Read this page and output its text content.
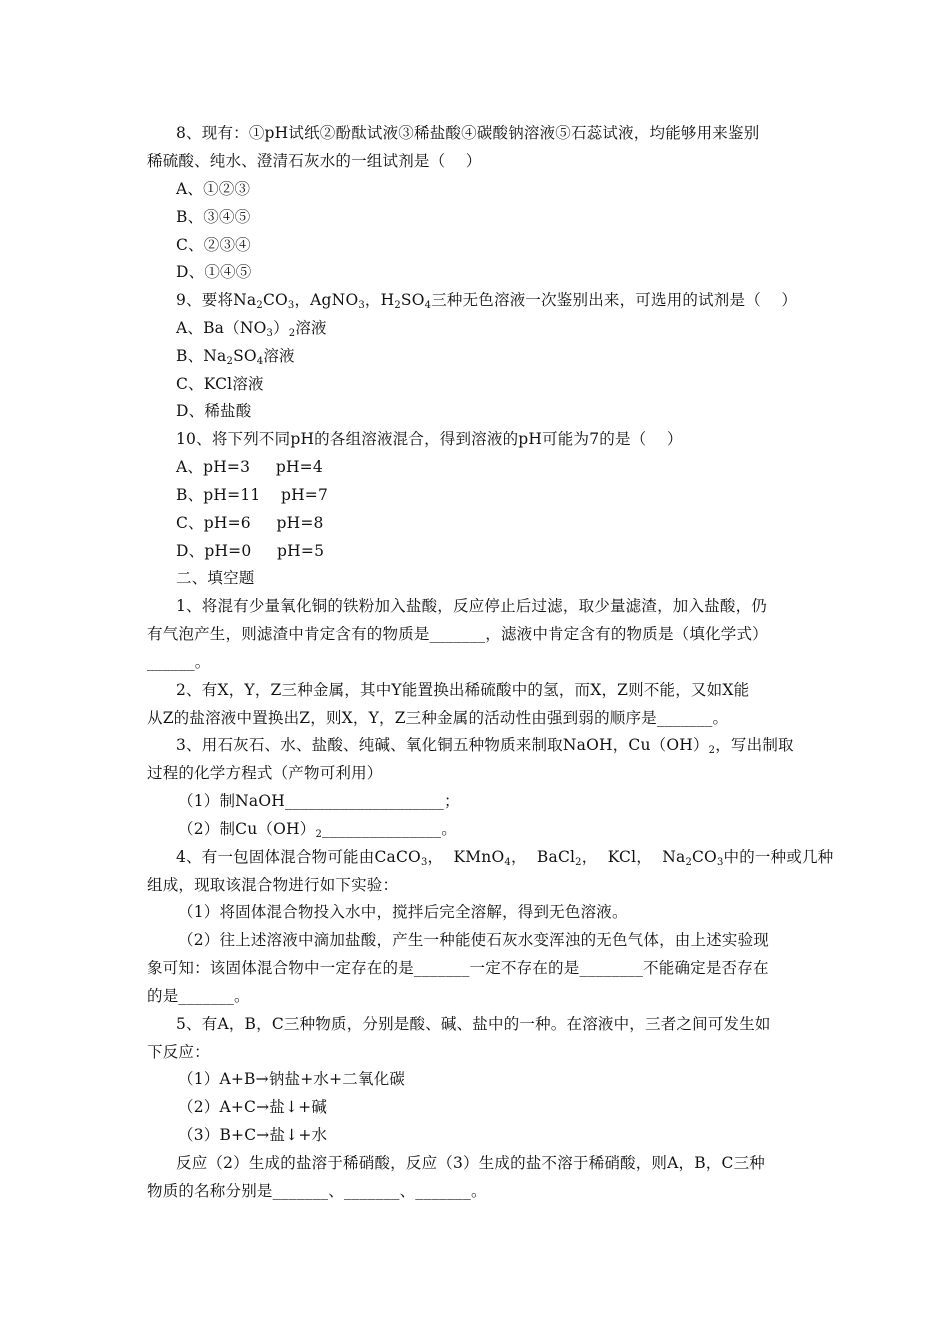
8、现有：①pH试纸②酚酞试液③稀盐酸④碳酸钠溶液⑤石蕊试液，均能够用来鉴别
稀硫酸、纯水、澄清石灰水的一组试剂是（    ）
A、①②③
B、③④⑤
C、②③④
D、①④⑤
9、要将$Na_2CO_3$，AgNO$_3$，$H_2SO_4$三种无色溶液一次鉴别出来，可选用的试剂是（    ）
A、$Ba(NO_3)_2$溶液
B、$Na_2SO_4$溶液
C、KCl溶液
D、稀盐酸
10、将下列不同pH的各组溶液混合，得到溶液的pH可能为7的是（    ）
A、pH=3     pH=4
B、pH=11    pH=7
C、pH=6     pH=8
D、pH=0     pH=5
二、填空题
1、将混有少量氧化铜的铁粉加入盐酸，反应停止后过滤，取少量滤渣，加入盐酸，仍
有气泡产生，则滤渣中肯定含有的物质是_______，滤液中肯定含有的物质是（填化学式）
______。
2、有X，Y，Z三种金属，其中Y能置换出稀硫酸中的氢，而X，Z则不能，又如X能
从Z的盐溶液中置换出Z，则X，Y，Z三种金属的活动性由强到弱的顺序是_______。
3、用石灰石、水、盐酸、纯碱、氧化铜五种物质来制取NaOH，$Cu(OH)_2$，写出制取
过程的化学方程式（产物可利用）
（1）制NaOH____________________；
（2）制$Cu(OH)_2\_\_\_\_\_\_\_\_\_\_\_\_\_\_\_$。
4、有一包固体混合物可能由CaCO$_3$，  KMnO$_4$，  BaCl$_2$，  KCl，  $Na_2CO_3$中的一种或几种
组成，现取该混合物进行如下实验：
（1）将固体混合物投入水中，搅拌后完全溶解，得到无色溶液。
（2）往上述溶液中滴加盐酸，产生一种能使石灰水变浑浊的无色气体，由上述实验现
象可知：该固体混合物中一定存在的是_______一定不存在的是________不能确定是否存在
的是_______。
5、有A，B，C三种物质，分别是酸、碱、盐中的一种。在溶液中，三者之间可发生如
下反应：
（1）A+B→钠盐+水+二氧化碳
（2）A+C→盐↓+碱
（3）B+C→盐↓+水
反应（2）生成的盐溶于稀硝酸，反应（3）生成的盐不溶于稀硝酸，则A，B，C三种
物质的名称分别是_______、_______、_______。
